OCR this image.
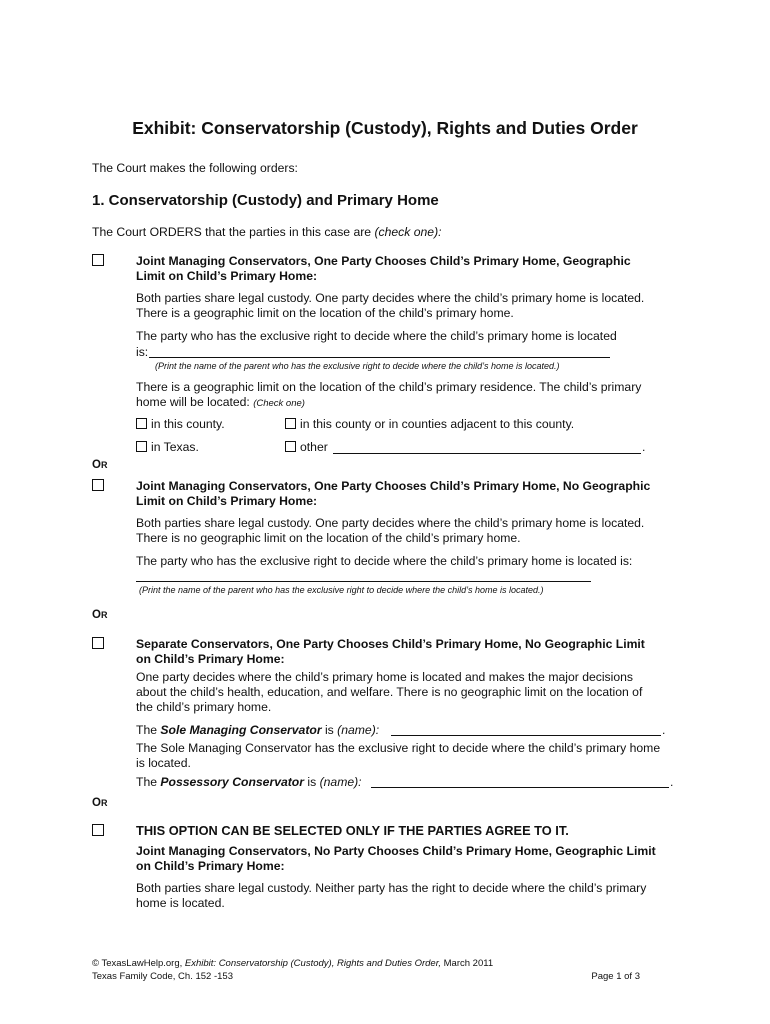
Exhibit: Conservatorship (Custody), Rights and Duties Order
The Court makes the following orders:
1. Conservatorship (Custody) and Primary Home
The Court ORDERS that the parties in this case are (check one):
Joint Managing Conservators, One Party Chooses Child’s Primary Home, Geographic
Limit on Child’s Primary Home:
Both parties share legal custody. One party decides where the child’s primary home is located.
There is a geographic limit on the location of the child’s primary home.
The party who has the exclusive right to decide where the child’s primary home is located
is:
(Print the name of the parent who has the exclusive right to decide where the child’s home is located.)
There is a geographic limit on the location of the child’s primary residence. The child’s primary
home will be located: (Check one)
in this county.	in this county or in counties adjacent to this county.
in Texas.	other	.
OR
Joint Managing Conservators, One Party Chooses Child’s Primary Home, No Geographic
Limit on Child’s Primary Home:
Both parties share legal custody. One party decides where the child’s primary home is located.
There is no geographic limit on the location of the child’s primary home.
The party who has the exclusive right to decide where the child’s primary home is located is:
(Print the name of the parent who has the exclusive right to decide where the child’s home is located.)
OR
Separate Conservators, One Party Chooses Child’s Primary Home, No Geographic Limit
on Child’s Primary Home:
One party decides where the child’s primary home is located and makes the major decisions
about the child’s health, education, and welfare. There is no geographic limit on the location of
the child’s primary home.
The Sole Managing Conservator is (name):	.
The Sole Managing Conservator has the exclusive right to decide where the child’s primary home
is located.
The Possessory Conservator is (name):	.
OR
THIS OPTION CAN BE SELECTED ONLY IF THE PARTIES AGREE TO IT.
Joint Managing Conservators, No Party Chooses Child’s Primary Home, Geographic Limit
on Child’s Primary Home:
Both parties share legal custody. Neither party has the right to decide where the child’s primary
home is located.
© TexasLawHelp.org, Exhibit: Conservatorship (Custody), Rights and Duties Order, March 2011
Texas Family Code, Ch. 152 -153	Page 1 of 3
